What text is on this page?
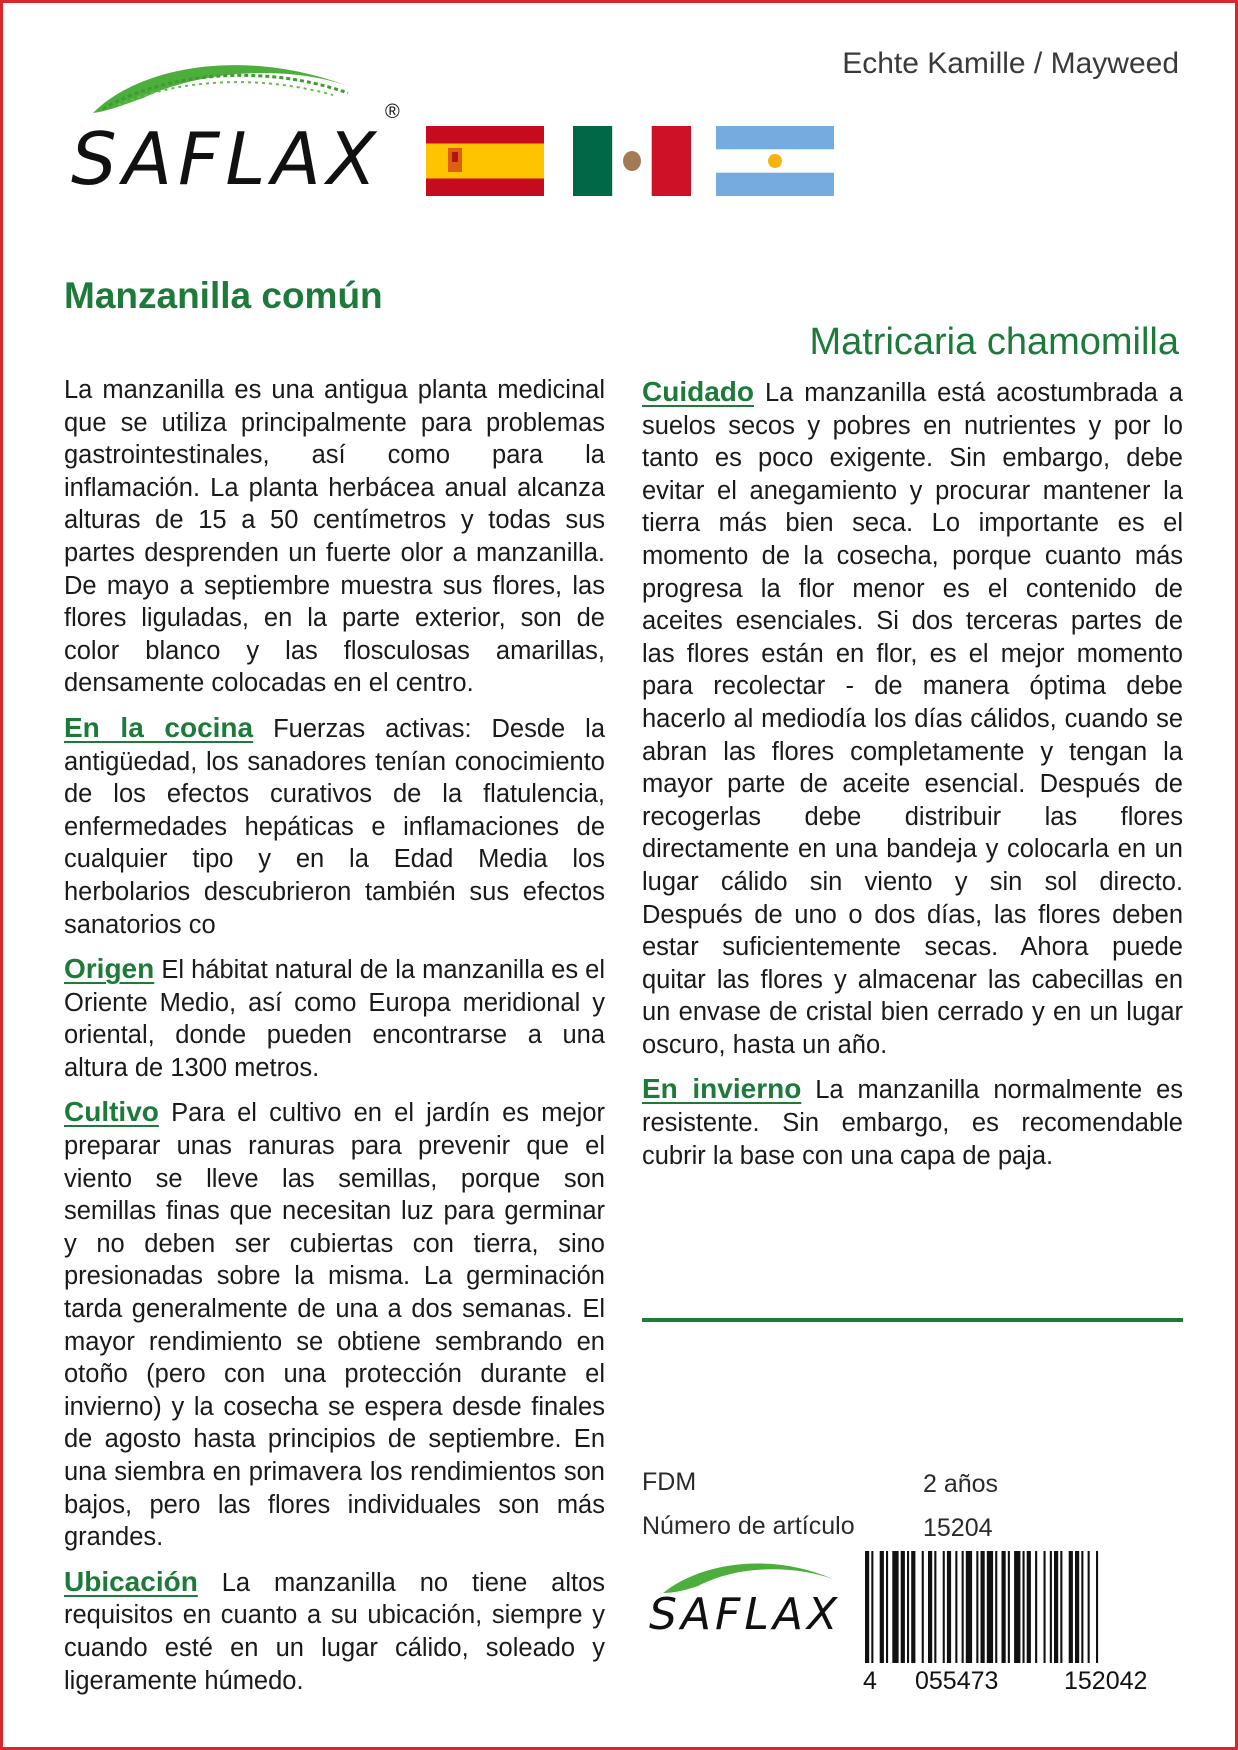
SAFLAX
®
Echte Kamille / Mayweed
Manzanilla común
Matricaria chamomilla

La manzanilla es una antigua planta medicinal que se utiliza principalmente para problemas gastrointestinales, así como para la inflamación. La planta herbácea anual alcanza alturas de 15 a 50 centímetros y todas sus partes desprenden un fuerte olor a manzanilla. De mayo a septiembre muestra sus flores, las flores liguladas, en la parte exterior, son de color blanco y las flosculosas amarillas, densamente colocadas en el centro.

En la cocina Fuerzas activas: Desde la antigüedad, los sanadores tenían conocimiento de los efectos curativos de la flatulencia, enfermedades hepáticas e inflamaciones de cualquier tipo y en la Edad Media los herbolarios descubrieron también sus efectos sanatorios co

Origen El hábitat natural de la manzanilla es el Oriente Medio, así como Europa meridional y oriental, donde pueden encontrarse a una altura de 1300 metros.

Cultivo Para el cultivo en el jardín es mejor preparar unas ranuras para prevenir que el viento se lleve las semillas, porque son semillas finas que necesitan luz para germinar y no deben ser cubiertas con tierra, sino presionadas sobre la misma. La germinación tarda generalmente de una a dos semanas. El mayor rendimiento se obtiene sembrando en otoño (pero con una protección durante el invierno) y la cosecha se espera desde finales de agosto hasta principios de septiembre. En una siembra en primavera los rendimientos son bajos, pero las flores individuales son más grandes.

Ubicación La manzanilla no tiene altos requisitos en cuanto a su ubicación, siempre y cuando esté en un lugar cálido, soleado y ligeramente húmedo.

Cuidado La manzanilla está acostumbrada a suelos secos y pobres en nutrientes y por lo tanto es poco exigente. Sin embargo, debe evitar el anegamiento y procurar mantener la tierra más bien seca. Lo importante es el momento de la cosecha, porque cuanto más progresa la flor menor es el contenido de aceites esenciales. Si dos terceras partes de las flores están en flor, es el mejor momento para recolectar - de manera óptima debe hacerlo al mediodía los días cálidos, cuando se abran las flores completamente y tengan la mayor parte de aceite esencial. Después de recogerlas debe distribuir las flores directamente en una bandeja y colocarla en un lugar cálido sin viento y sin sol directo. Después de uno o dos días, las flores deben estar suficientemente secas. Ahora puede quitar las flores y almacenar las cabecillas en un envase de cristal bien cerrado y en un lugar oscuro, hasta un año.

En invierno La manzanilla normalmente es resistente. Sin embargo, es recomendable cubrir la base con una capa de paja.

FDM	2 años
Número de artículo	15204
SAFLAX
4 055473	152042
